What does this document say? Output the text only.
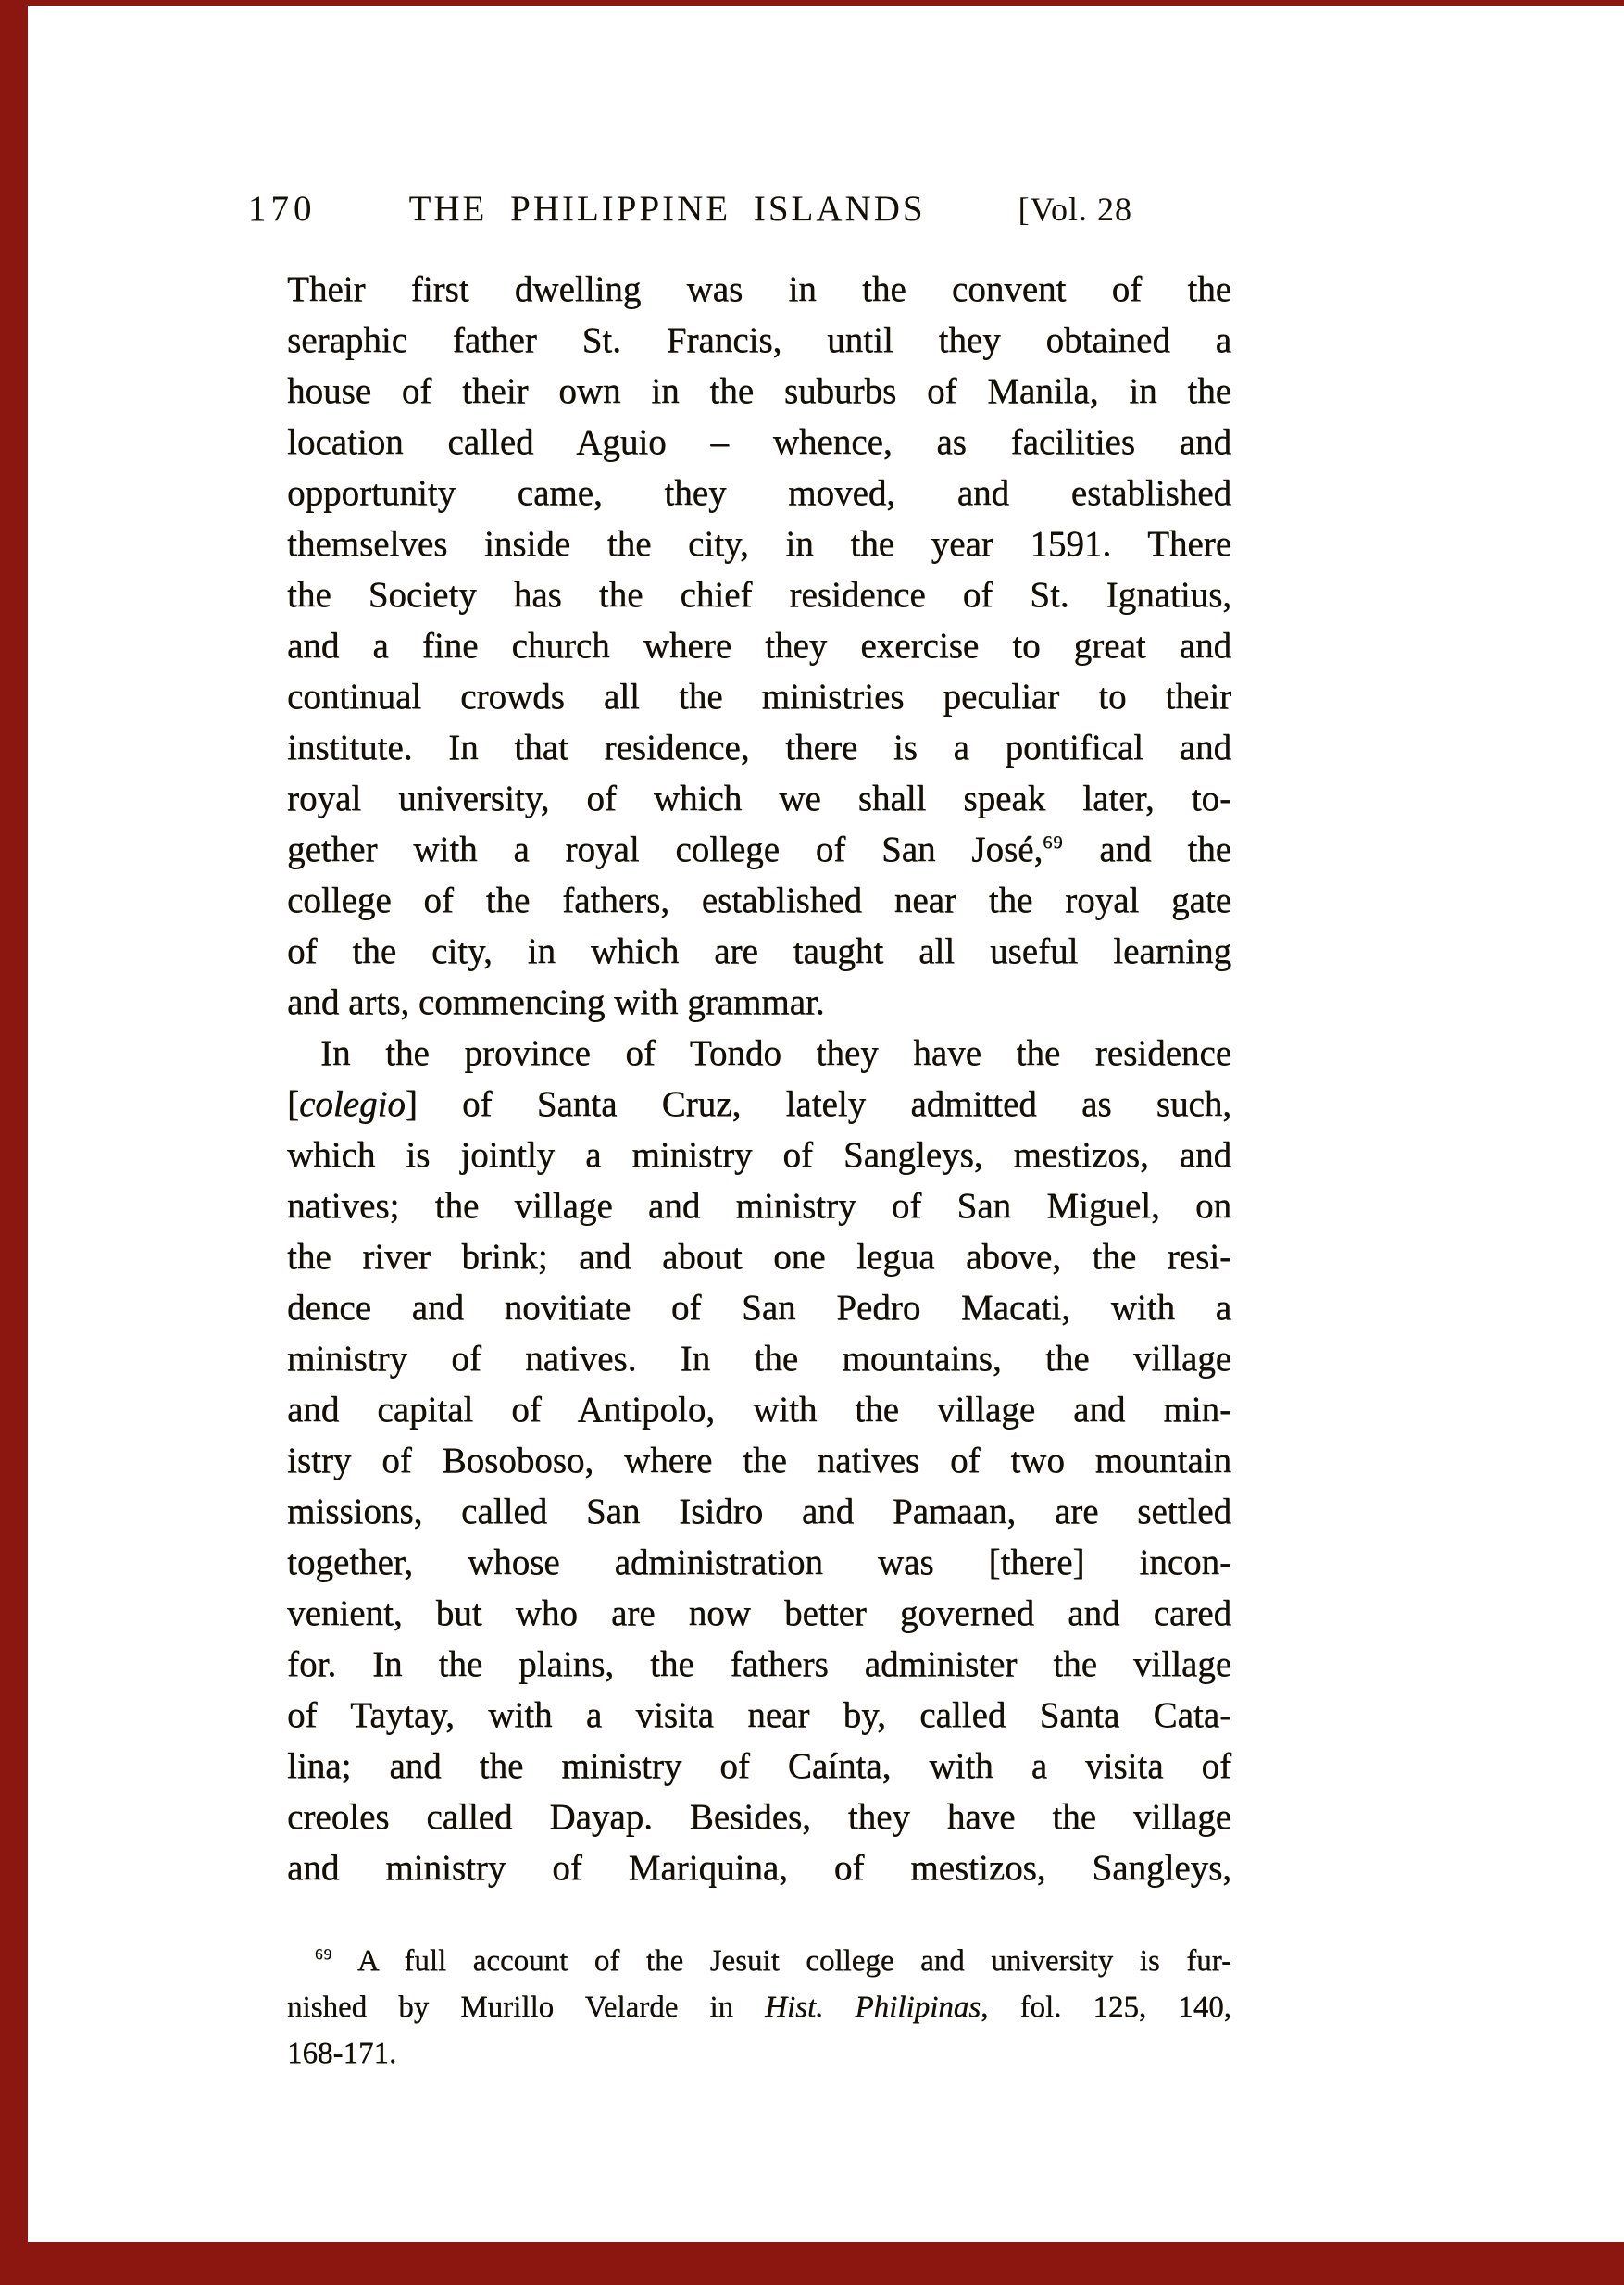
170	THE PHILIPPINE ISLANDS	[Vol. 28
Their first dwelling was in the convent of the
seraphic father St. Francis, until they obtained a
house of their own in the suburbs of Manila, in the
location called Aguio – whence, as facilities and
opportunity came, they moved, and established
themselves inside the city, in the year 1591. There
the Society has the chief residence of St. Ignatius,
and a fine church where they exercise to great and
continual crowds all the ministries peculiar to their
institute. In that residence, there is a pontifical and
royal university, of which we shall speak later, to-
gether with a royal college of San José,$^{69}$ and the
college of the fathers, established near the royal gate
of the city, in which are taught all useful learning
and arts, commencing with grammar.
In the province of Tondo they have the residence
[colegio] of Santa Cruz, lately admitted as such,
which is jointly a ministry of Sangleys, mestizos, and
natives; the village and ministry of San Miguel, on
the river brink; and about one legua above, the resi-
dence and novitiate of San Pedro Macati, with a
ministry of natives. In the mountains, the village
and capital of Antipolo, with the village and min-
istry of Bosoboso, where the natives of two mountain
missions, called San Isidro and Pamaan, are settled
together, whose administration was [there] incon-
venient, but who are now better governed and cared
for. In the plains, the fathers administer the village
of Taytay, with a visita near by, called Santa Cata-
lina; and the ministry of Caínta, with a visita of
creoles called Dayap. Besides, they have the village
and ministry of Mariquina, of mestizos, Sangleys,
$^{69}$ A full account of the Jesuit college and university is fur-
nished by Murillo Velarde in Hist. Philipinas, fol. 125, 140,
168-171.
